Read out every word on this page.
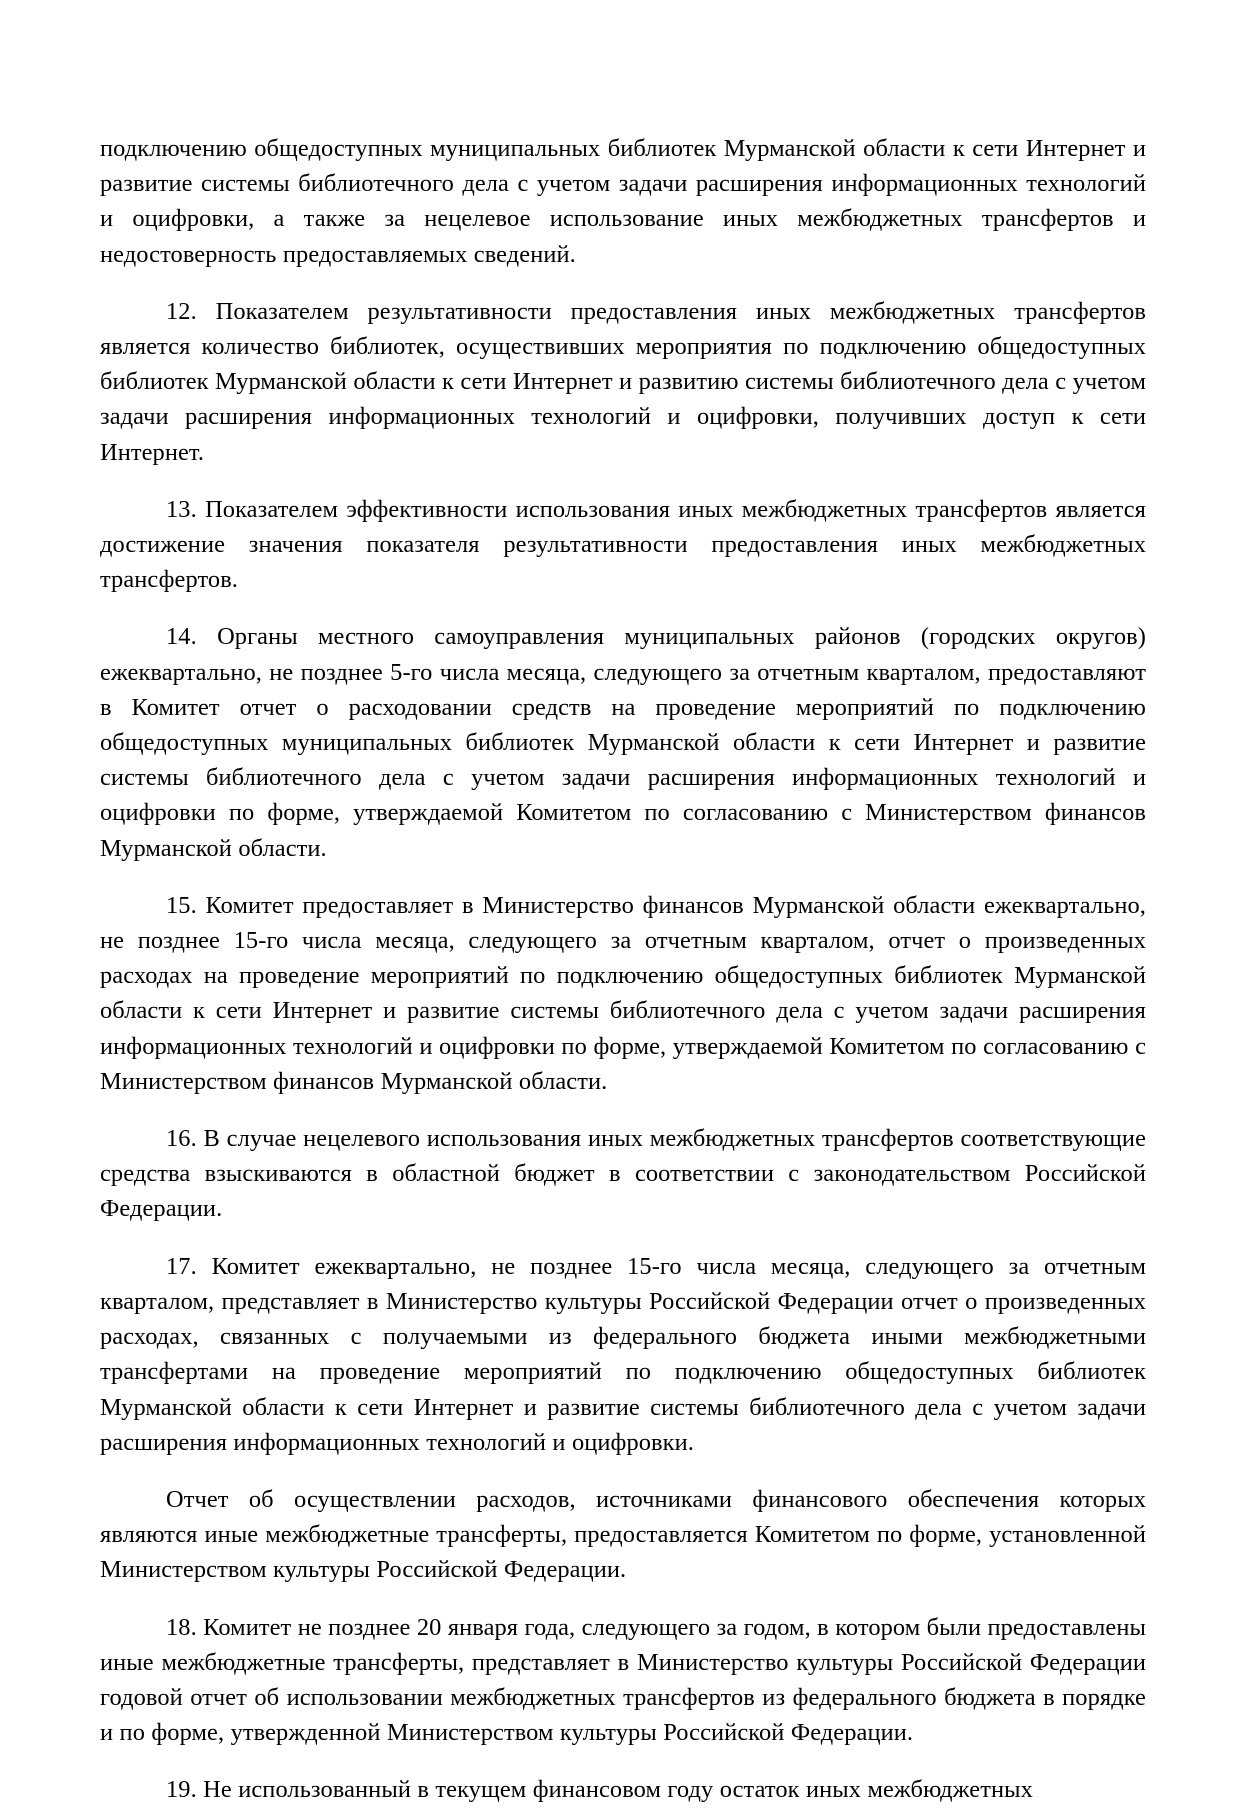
подключению общедоступных муниципальных библиотек Мурманской области к сети Интернет и развитие системы библиотечного дела с учетом задачи расширения информационных технологий и оцифровки, а также за нецелевое использование иных межбюджетных трансфертов и недостоверность предоставляемых сведений.

12. Показателем результативности предоставления иных межбюджетных трансфертов является количество библиотек, осуществивших мероприятия по подключению общедоступных библиотек Мурманской области к сети Интернет и развитию системы библиотечного дела с учетом задачи расширения информационных технологий и оцифровки, получивших доступ к сети Интернет.

13. Показателем эффективности использования иных межбюджетных трансфертов является достижение значения показателя результативности предоставления иных межбюджетных трансфертов.

14. Органы местного самоуправления муниципальных районов (городских округов) ежеквартально, не позднее 5-го числа месяца, следующего за отчетным кварталом, предоставляют в Комитет отчет о расходовании средств на проведение мероприятий по подключению общедоступных муниципальных библиотек Мурманской области к сети Интернет и развитие системы библиотечного дела с учетом задачи расширения информационных технологий и оцифровки по форме, утверждаемой Комитетом по согласованию с Министерством финансов Мурманской области.

15. Комитет предоставляет в Министерство финансов Мурманской области ежеквартально, не позднее 15-го числа месяца, следующего за отчетным кварталом, отчет о произведенных расходах на проведение мероприятий по подключению общедоступных библиотек Мурманской области к сети Интернет и развитие системы библиотечного дела с учетом задачи расширения информационных технологий и оцифровки по форме, утверждаемой Комитетом по согласованию с Министерством финансов Мурманской области.

16. В случае нецелевого использования иных межбюджетных трансфертов соответствующие средства взыскиваются в областной бюджет в соответствии с законодательством Российской Федерации.

17. Комитет ежеквартально, не позднее 15-го числа месяца, следующего за отчетным кварталом, представляет в Министерство культуры Российской Федерации отчет о произведенных расходах, связанных с получаемыми из федерального бюджета иными межбюджетными трансфертами на проведение мероприятий по подключению общедоступных библиотек Мурманской области к сети Интернет и развитие системы библиотечного дела с учетом задачи расширения информационных технологий и оцифровки.

Отчет об осуществлении расходов, источниками финансового обеспечения которых являются иные межбюджетные трансферты, предоставляется Комитетом по форме, установленной Министерством культуры Российской Федерации.

18. Комитет не позднее 20 января года, следующего за годом, в котором были предоставлены иные межбюджетные трансферты, представляет в Министерство культуры Российской Федерации годовой отчет об использовании межбюджетных трансфертов из федерального бюджета в порядке и по форме, утвержденной Министерством культуры Российской Федерации.

19. Не использованный в текущем финансовом году остаток иных межбюджетных
